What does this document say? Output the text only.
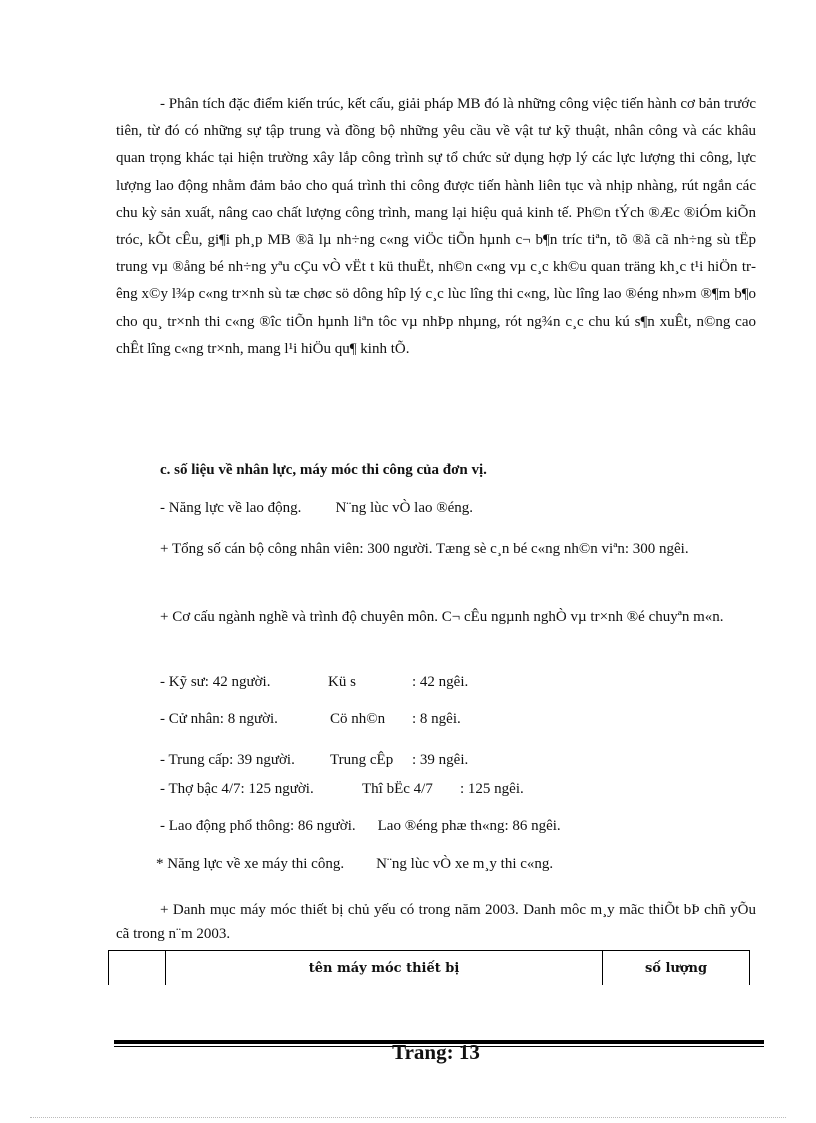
- Phân tích đặc điểm kiến trúc, kết cấu, giải pháp MB đó là những công việc tiến hành cơ bản trước tiên, từ đó có những sự tập trung và đồng bộ những yêu cầu về vật tư kỹ thuật, nhân công và các khâu quan trọng khác tại hiện trường xây lắp công trình sự tổ chức sử dụng hợp lý các lực lượng thi công, lực lượng lao động nhằm đảm bảo cho quá trình thi công được tiến hành liên tục và nhịp nhàng, rút ngắn các chu kỳ sản xuất, nâng cao chất lượng công trình, mang lại hiệu quả kinh tế. Ph©n tÝch ®Æc ®iÓm kiÕn tróc, kÕt cÊu, gi¶i ph¸p MB ®ã lµ nh÷ng c«ng viÖc tiÕn hµnh c¬ b¶n tríc tiªn, tõ ®ã cã nh÷ng sù tËp trung vµ ®ång bé nh÷ng yªu cÇu vÒ vËt t kü thuËt, nh©n c«ng vµ c¸c kh©u quan träng kh¸c t¹i hiÖn trêng x©y l¾p c«ng tr×nh sù tæ chøc sö dông hîp lý c¸c lùc lîng thi c«ng, lùc lîng lao ®éng nh»m ®¶m b¶o cho qu¸ tr×nh thi c«ng ®îc tiÕn hµnh liªn tôc vµ nhÞp nhµng, rót ng¾n c¸c chu kú s¶n xuÊt, n©ng cao chÊt lîng c«ng tr×nh, mang l¹i hiÖu qu¶ kinh tÕ.

c. số liệu về nhân lực, máy móc thi công của đơn vị.
- Năng lực về lao động. N¨ng lùc vÒ lao ®éng.

+ Tổng số cán bộ công nhân viên: 300 người. Tæng sè c¸n bé c«ng nh©n viªn: 300 ngêi.

+ Cơ cấu ngành nghề và trình độ chuyên môn. C¬ cÊu ngµnh nghÒ vµ tr×nh ®é chuyªn m«n.

- Kỹ sư: 42 người.	Kü s	: 42 ngêi.
- Cử nhân: 8 người.	Cö nh©n : 8 ngêi.
- Trung cấp: 39 người. Trung cÊp : 39 ngêi.
- Thợ bậc 4/7: 125 người.	Thî bËc 4/7 : 125 ngêi.
- Lao động phổ thông: 86 người. Lao ®éng phæ th«ng: 86 ngêi.
* Năng lực về xe máy thi công. N¨ng lùc vÒ xe m¸y thi c«ng.

+ Danh mục máy móc thiết bị chủ yếu có trong năm 2003. Danh môc m¸y mãc thiÕt bÞ chñ yÕu cã trong n¨m 2003.

	tên máy móc thiết bị	số lượng
Trang: 13
